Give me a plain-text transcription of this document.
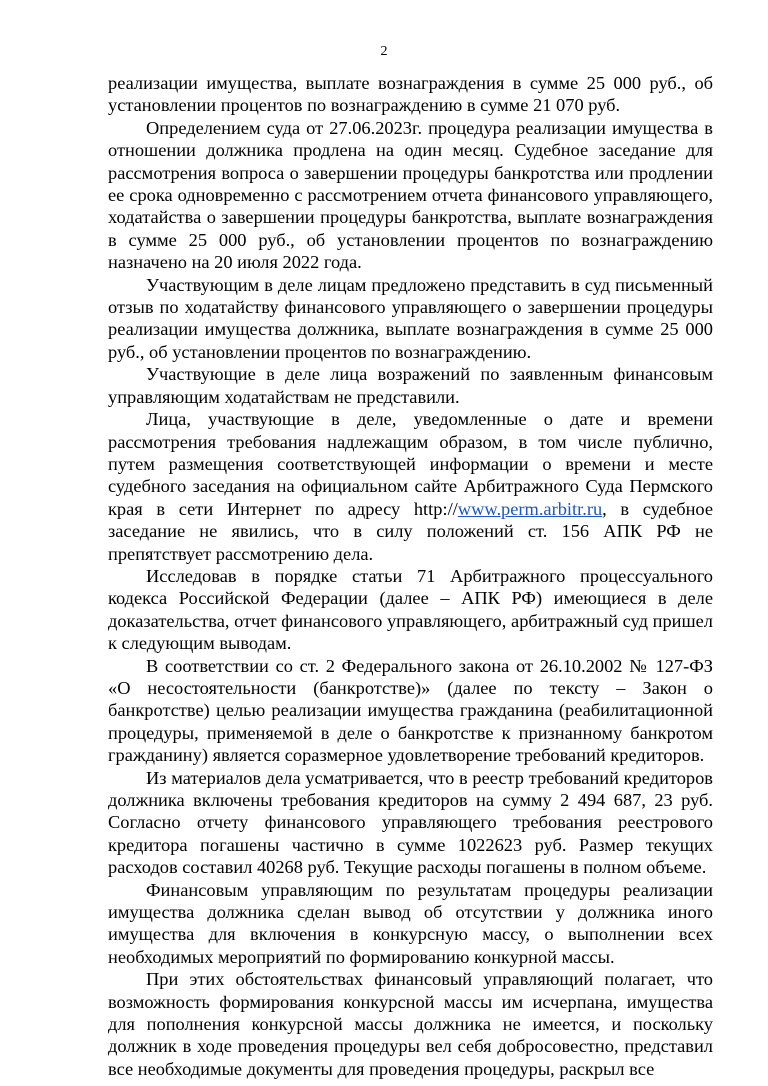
2

реализации имущества, выплате вознаграждения в сумме 25 000 руб., об установлении процентов по вознаграждению в сумме 21 070 руб.

Определением суда от 27.06.2023г. процедура реализации имущества в отношении должника продлена на один месяц. Судебное заседание для рассмотрения вопроса о завершении процедуры банкротства или продлении ее срока одновременно с рассмотрением отчета финансового управляющего, ходатайства о завершении процедуры банкротства, выплате вознаграждения в сумме 25 000 руб., об установлении процентов по вознаграждению назначено на 20 июля 2022 года.

Участвующим в деле лицам предложено представить в суд письменный отзыв по ходатайству финансового управляющего о завершении процедуры реализации имущества должника, выплате вознаграждения в сумме 25 000 руб., об установлении процентов по вознаграждению.

Участвующие в деле лица возражений по заявленным финансовым управляющим ходатайствам не представили.

Лица, участвующие в деле, уведомленные о дате и времени рассмотрения требования надлежащим образом, в том числе публично, путем размещения соответствующей информации о времени и месте судебного заседания на официальном сайте Арбитражного Суда Пермского края в сети Интернет по адресу http://www.perm.arbitr.ru, в судебное заседание не явились, что в силу положений ст. 156 АПК РФ не препятствует рассмотрению дела.

Исследовав в порядке статьи 71 Арбитражного процессуального кодекса Российской Федерации (далее – АПК РФ) имеющиеся в деле доказательства, отчет финансового управляющего, арбитражный суд пришел к следующим выводам.

В соответствии со ст. 2 Федерального закона от 26.10.2002 № 127-ФЗ «О несостоятельности (банкротстве)» (далее по тексту – Закон о банкротстве) целью реализации имущества гражданина (реабилитационной процедуры, применяемой в деле о банкротстве к признанному банкротом гражданину) является соразмерное удовлетворение требований кредиторов.

Из материалов дела усматривается, что в реестр требований кредиторов должника включены требования кредиторов на сумму 2 494 687, 23 руб. Согласно отчету финансового управляющего требования реестрового кредитора погашены частично в сумме 1022623 руб. Размер текущих расходов составил 40268 руб. Текущие расходы погашены в полном объеме.

Финансовым управляющим по результатам процедуры реализации имущества должника сделан вывод об отсутствии у должника иного имущества для включения в конкурсную массу, о выполнении всех необходимых мероприятий по формированию конкурной массы.

При этих обстоятельствах финансовый управляющий полагает, что возможность формирования конкурсной массы им исчерпана, имущества для пополнения конкурсной массы должника не имеется, и поскольку должник в ходе проведения процедуры вел себя добросовестно, представил все необходимые документы для проведения процедуры, раскрыл все
